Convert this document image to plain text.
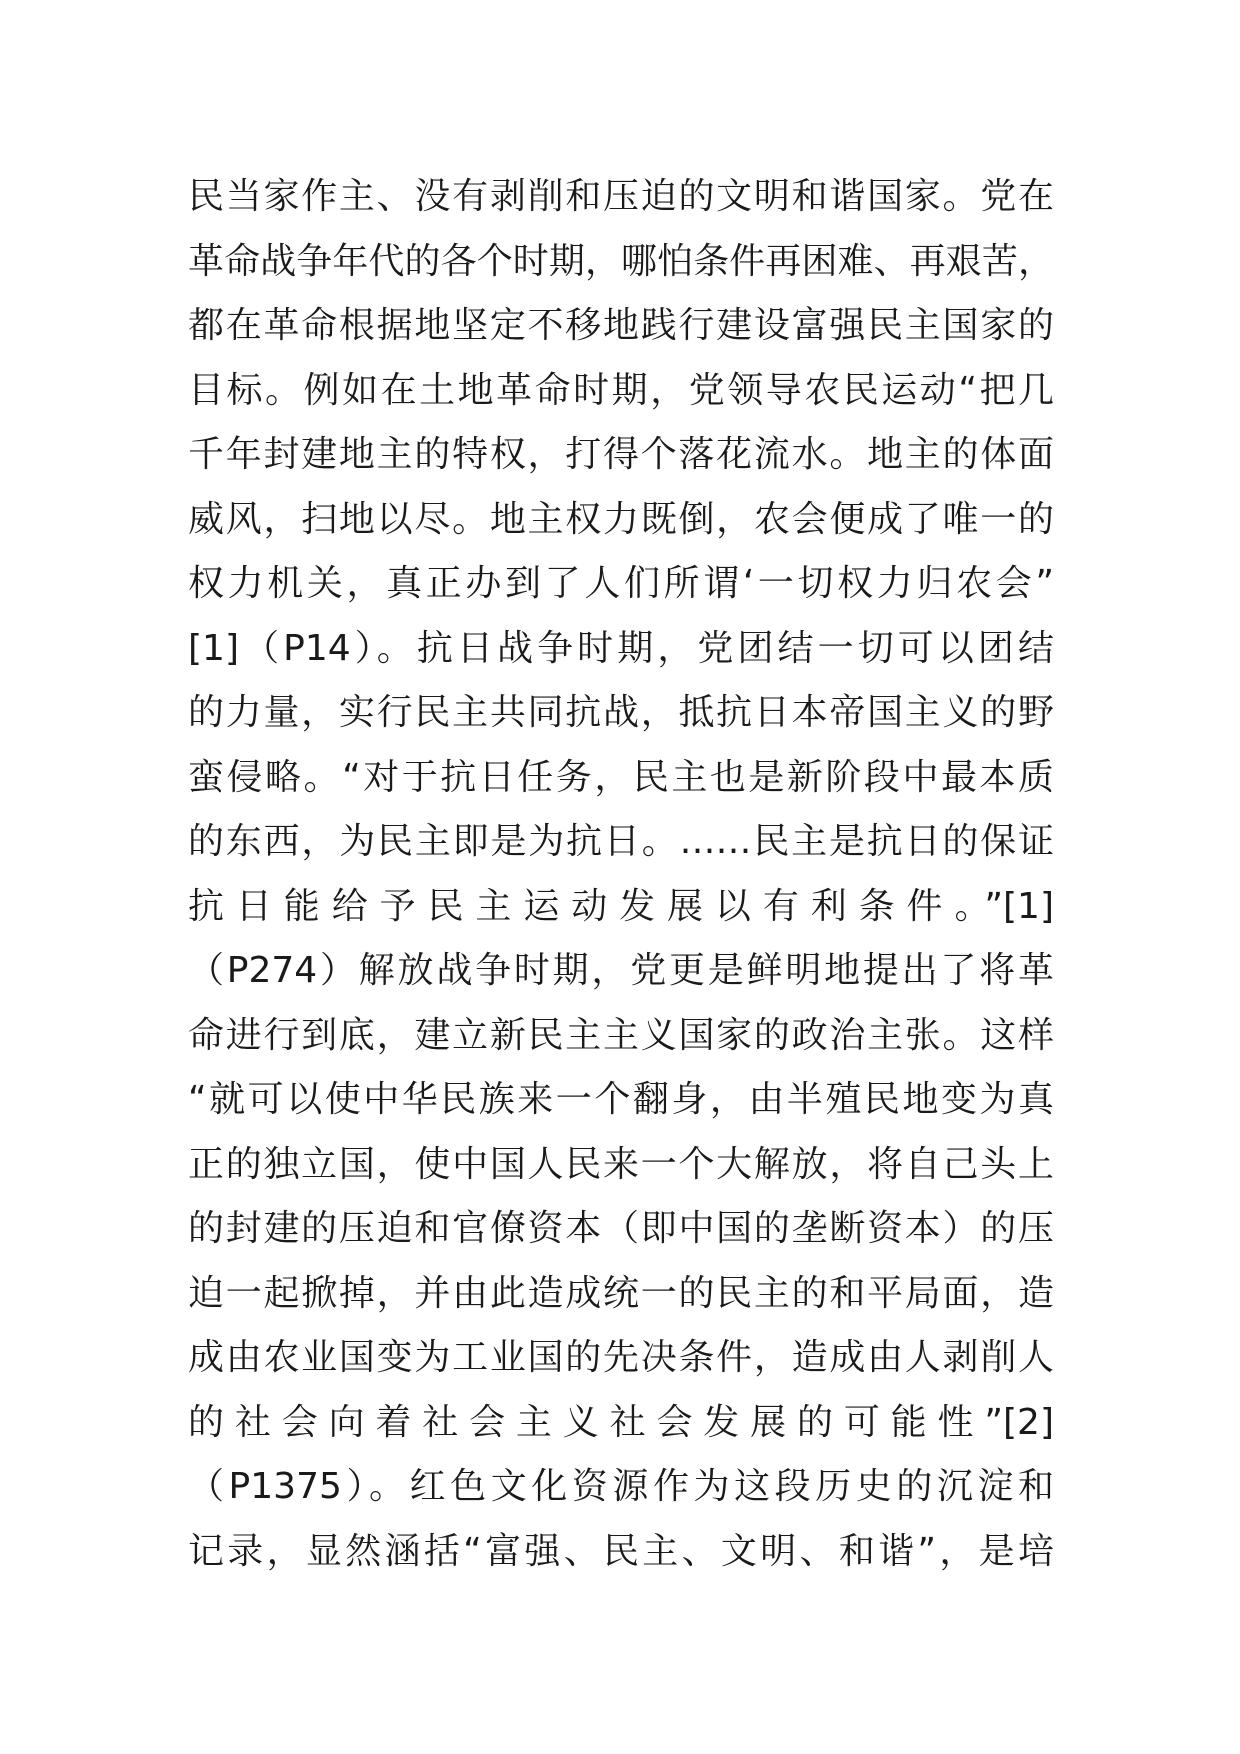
民当家作主、没有剥削和压迫的文明和谐国家。党在
革命战争年代的各个时期，哪怕条件再困难、再艰苦，
都在革命根据地坚定不移地践行建设富强民主国家的
目标。例如在土地革命时期，党领导农民运动“把几
千年封建地主的特权，打得个落花流水。地主的体面
威风，扫地以尽。地主权力既倒，农会便成了唯一的
权力机关，真正办到了人们所谓‘一切权力归农会”
[1]（P14）。抗日战争时期，党团结一切可以团结
的力量，实行民主共同抗战，抵抗日本帝国主义的野
蛮侵略。“对于抗日任务，民主也是新阶段中最本质
的东西，为民主即是为抗日。……民主是抗日的保证
抗日能给予民主运动发展以有利条件。”[1]
（P274）解放战争时期，党更是鲜明地提出了将革
命进行到底，建立新民主主义国家的政治主张。这样
“就可以使中华民族来一个翻身，由半殖民地变为真
正的独立国，使中国人民来一个大解放，将自己头上
的封建的压迫和官僚资本（即中国的垄断资本）的压
迫一起掀掉，并由此造成统一的民主的和平局面，造
成由农业国变为工业国的先决条件，造成由人剥削人
的社会向着社会主义社会发展的可能性”[2]
（P1375）。红色文化资源作为这段历史的沉淀和
记录，显然涵括“富强、民主、文明、和谐”，是培
